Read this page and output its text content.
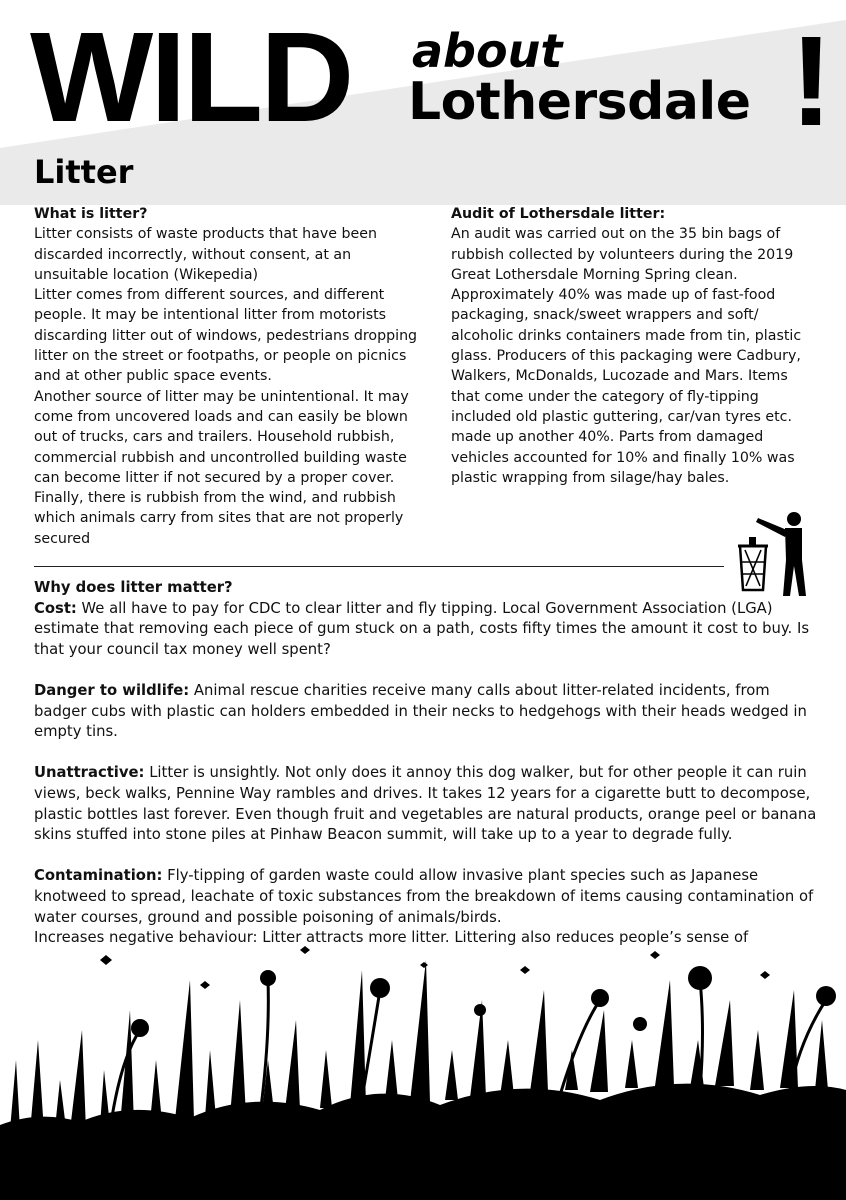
WILD about
Lothersdale !
Litter
What is litter?
Litter consists of waste products that have been discarded incorrectly, without consent, at an unsuitable location (Wikepedia)
Litter comes from different sources, and different people. It may be intentional litter from motorists discarding litter out of windows, pedestrians dropping litter on the street or footpaths, or people on picnics and at other public space events.
Another source of litter may be unintentional. It may come from uncovered loads and can easily be blown out of trucks, cars and trailers. Household rubbish, commercial rubbish and uncontrolled building waste can become litter if not secured by a proper cover. Finally, there is rubbish from the wind, and rubbish which animals carry from sites that are not properly secured
Audit of Lothersdale litter:
An audit was carried out on the 35 bin bags of rubbish collected by volunteers during the 2019 Great Lothersdale Morning Spring clean. Approximately 40% was made up of fast-food packaging, snack/sweet wrappers and soft/ alcoholic drinks containers made from tin, plastic glass. Producers of this packaging were Cadbury, Walkers, McDonalds, Lucozade and Mars. Items that come under the category of fly-tipping included old plastic guttering, car/van tyres etc. made up another 40%. Parts from damaged vehicles accounted for 10% and finally 10% was plastic wrapping from silage/hay bales.
Why does litter matter?
Cost: We all have to pay for CDC to clear litter and fly tipping. Local Government Association (LGA) estimate that removing each piece of gum stuck on a path, costs fifty times the amount it cost to buy. Is that your council tax money well spent?
Danger to wildlife: Animal rescue charities receive many calls about litter-related incidents, from badger cubs with plastic can holders embedded in their necks to hedgehogs with their heads wedged in empty tins.
Unattractive: Litter is unsightly. Not only does it annoy this dog walker, but for other people it can ruin views, beck walks, Pennine Way rambles and drives. It takes 12 years for a cigarette butt to decompose, plastic bottles last forever. Even though fruit and vegetables are natural products, orange peel or banana skins stuffed into stone piles at Pinhaw Beacon summit, will take up to a year to degrade fully.
Contamination: Fly-tipping of garden waste could allow invasive plant species such as Japanese knotweed to spread, leachate of toxic substances from the breakdown of items causing contamination of water courses, ground and possible poisoning of animals/birds.
Increases negative behaviour: Litter attracts more litter. Littering also reduces people’s sense of
